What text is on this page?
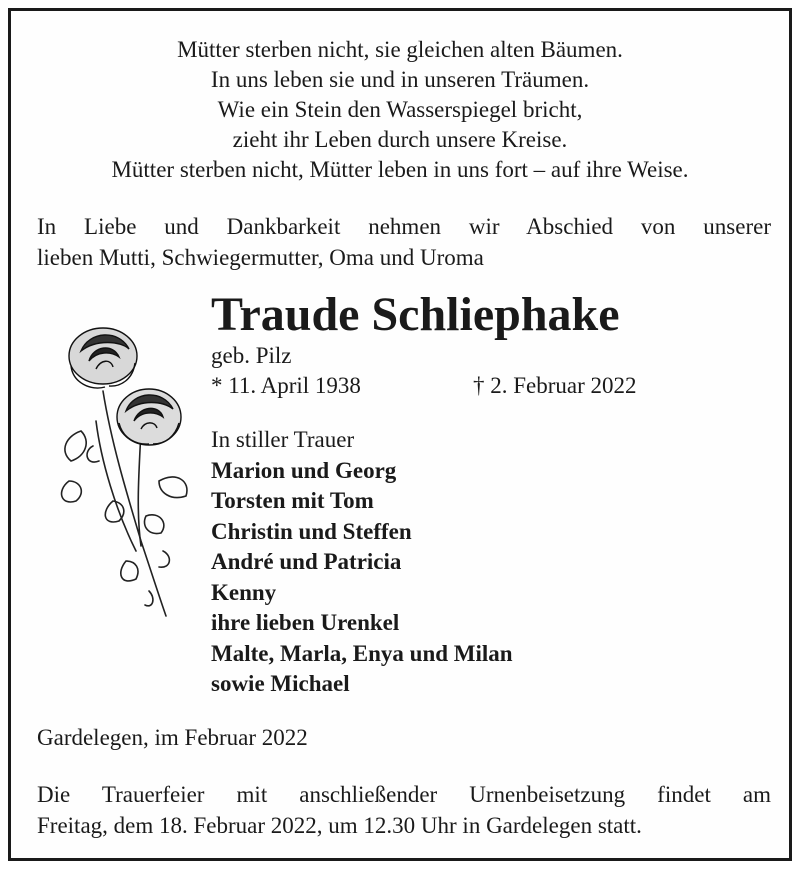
Mütter sterben nicht, sie gleichen alten Bäumen.
In uns leben sie und in unseren Träumen.
Wie ein Stein den Wasserspiegel bricht,
zieht ihr Leben durch unsere Kreise.
Mütter sterben nicht, Mütter leben in uns fort – auf ihre Weise.
In Liebe und Dankbarkeit nehmen wir Abschied von unserer
lieben Mutti, Schwiegermutter, Oma und Uroma
Traude Schliephake
geb. Pilz
* 11. April 1938	† 2. Februar 2022
In stiller Trauer
Marion und Georg
Torsten mit Tom
Christin und Steffen
André und Patricia
Kenny
ihre lieben Urenkel
Malte, Marla, Enya und Milan
sowie Michael
Gardelegen, im Februar 2022
Die Trauerfeier mit anschließender Urnenbeisetzung findet am
Freitag, dem 18. Februar 2022, um 12.30 Uhr in Gardelegen statt.
